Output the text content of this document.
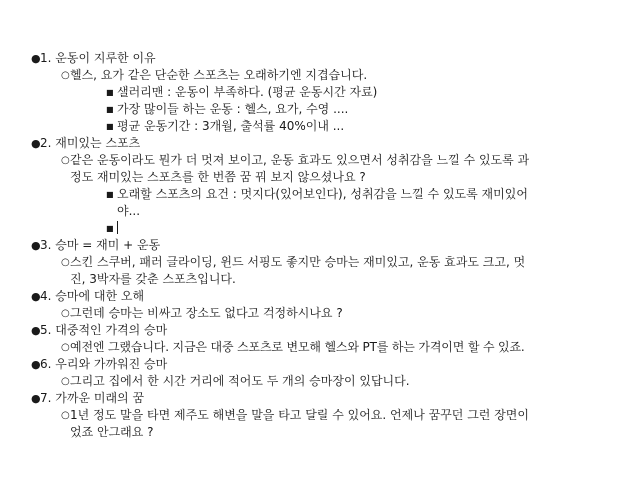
● 1. 운동이 지루한 이유
○ 헬스, 요가 같은 단순한 스포츠는 오래하기엔 지겹습니다.
■ 샐러리맨 : 운동이 부족하다. (평균 운동시간 자료)
■ 가장 많이들 하는 운동 : 헬스, 요가, 수영 ....
■ 평균 운동기간 : 3개월, 출석률 40%이내 ...
● 2. 재미있는 스포츠
○ 같은 운동이라도 뭔가 더 멋져 보이고, 운동 효과도 있으면서 성취감을 느낄 수 있도록 과
정도 재미있는 스포츠를 한 번쯤 꿈 꿔 보지 않으셨나요 ?
■ 오래할 스포츠의 요건 : 멋지다(있어보인다), 성취감을 느낄 수 있도록 재미있어
야...
■
● 3. 승마 = 재미 + 운동
○ 스킨 스쿠버, 패러 글라이딩, 윈드 서핑도 좋지만 승마는 재미있고, 운동 효과도 크고, 멋
진, 3박자를 갖춘 스포츠입니다.
● 4. 승마에 대한 오해
○ 그런데 승마는 비싸고 장소도 없다고 걱정하시나요 ?
● 5. 대중적인 가격의 승마
○ 예전엔 그랬습니다. 지금은 대중 스포츠로 변모해 헬스와 PT를 하는 가격이면 할 수 있죠.
● 6. 우리와 가까워진 승마
○ 그리고 집에서 한 시간 거리에 적어도 두 개의 승마장이 있답니다.
● 7. 가까운 미래의 꿈
○ 1년 정도 말을 타면 제주도 해변을 말을 타고 달릴 수 있어요. 언제나 꿈꾸던 그런 장면이
었죠 안그래요 ?
